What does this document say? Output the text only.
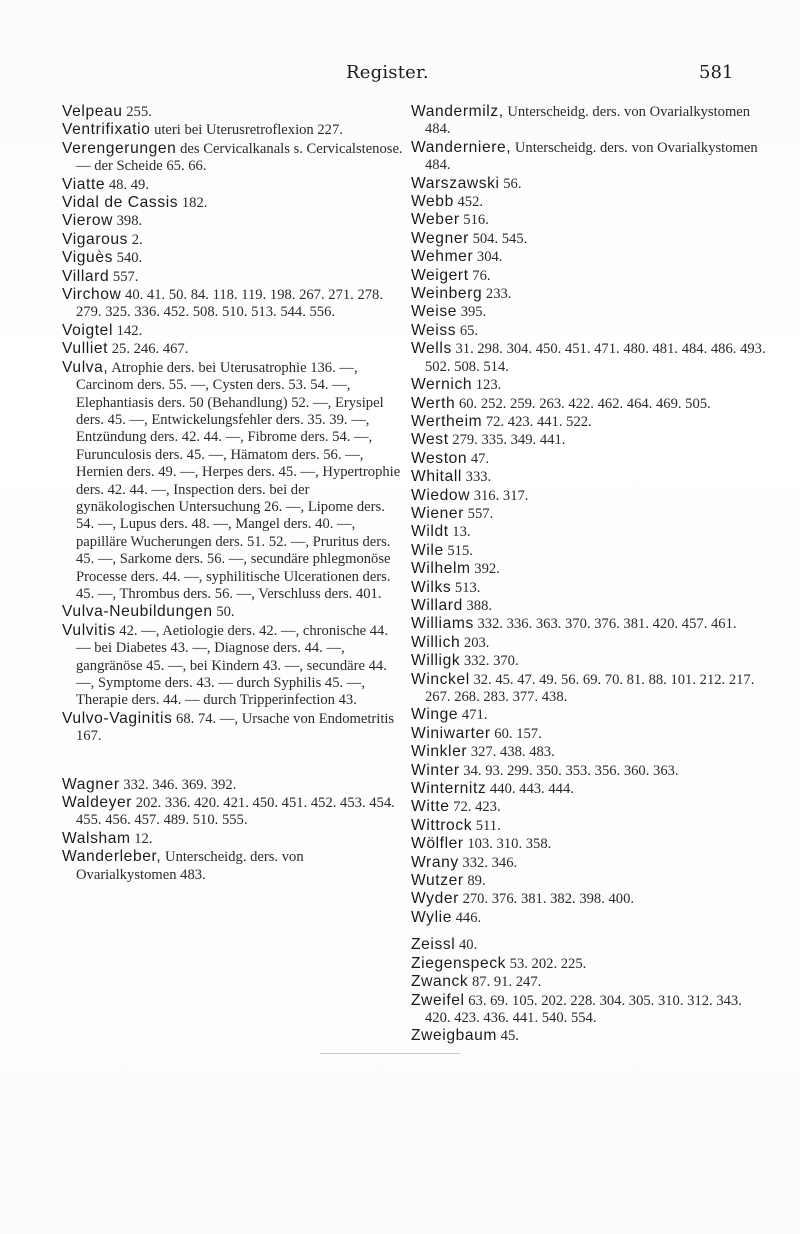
Register.	581

Velpeau 255.

Ventrifixatio uteri bei Uterusretroflexion 227.

Verengerungen des Cervicalkanals s. Cervicalstenose. — der Scheide 65. 66.

Viatte 48. 49.

Vidal de Cassis 182.

Vierow 398.

Vigarous 2.

Viguès 540.

Villard 557.

Virchow 40. 41. 50. 84. 118. 119. 198. 267. 271. 278. 279. 325. 336. 452. 508. 510. 513. 544. 556.

Voigtel 142.

Vulliet 25. 246. 467.

Vulva, Atrophie ders. bei Uterusatrophie 136. —, Carcinom ders. 55. —, Cysten ders. 53. 54. —, Elephantiasis ders. 50 (Behandlung) 52. —, Erysipel ders. 45. —, Entwickelungsfehler ders. 35. 39. —, Entzündung ders. 42. 44. —, Fibrome ders. 54. —, Furunculosis ders. 45. —, Hämatom ders. 56. —, Hernien ders. 49. —, Herpes ders. 45. —, Hypertrophie ders. 42. 44. —, Inspection ders. bei der gynäkologischen Untersuchung 26. —, Lipome ders. 54. —, Lupus ders. 48. —, Mangel ders. 40. —, papilläre Wucherungen ders. 51. 52. —, Pruritus ders. 45. —, Sarkome ders. 56. —, secundäre phlegmonöse Processe ders. 44. —, syphilitische Ulcerationen ders. 45. —, Thrombus ders. 56. —, Verschluss ders. 401.

Vulva-Neubildungen 50.

Vulvitis 42. —, Aetiologie ders. 42. —, chronische 44. — bei Diabetes 43. —, Diagnose ders. 44. —, gangränöse 45. —, bei Kindern 43. —, secundäre 44. —, Symptome ders. 43. — durch Syphilis 45. —, Therapie ders. 44. — durch Tripperinfection 43.

Vulvo-Vaginitis 68. 74. —, Ursache von Endometritis 167.

Wagner 332. 346. 369. 392.

Waldeyer 202. 336. 420. 421. 450. 451. 452. 453. 454. 455. 456. 457. 489. 510. 555.

Walsham 12.

Wanderleber, Unterscheidg. ders. von Ovarialkystomen 483.

Wandermilz, Unterscheidg. ders. von Ovarialkystomen 484.

Wanderniere, Unterscheidg. ders. von Ovarialkystomen 484.

Warszawski 56.

Webb 452.

Weber 516.

Wegner 504. 545.

Wehmer 304.

Weigert 76.

Weinberg 233.

Weise 395.

Weiss 65.

Wells 31. 298. 304. 450. 451. 471. 480. 481. 484. 486. 493. 502. 508. 514.

Wernich 123.

Werth 60. 252. 259. 263. 422. 462. 464. 469. 505.

Wertheim 72. 423. 441. 522.

West 279. 335. 349. 441.

Weston 47.

Whitall 333.

Wiedow 316. 317.

Wiener 557.

Wildt 13.

Wile 515.

Wilhelm 392.

Wilks 513.

Willard 388.

Williams 332. 336. 363. 370. 376. 381. 420. 457. 461.

Willich 203.

Willigk 332. 370.

Winckel 32. 45. 47. 49. 56. 69. 70. 81. 88. 101. 212. 217. 267. 268. 283. 377. 438.

Winge 471.

Winiwarter 60. 157.

Winkler 327. 438. 483.

Winter 34. 93. 299. 350. 353. 356. 360. 363.

Winternitz 440. 443. 444.

Witte 72. 423.

Wittrock 511.

Wölfler 103. 310. 358.

Wrany 332. 346.

Wutzer 89.

Wyder 270. 376. 381. 382. 398. 400.

Wylie 446.

Zeissl 40.

Ziegenspeck 53. 202. 225.

Zwanck 87. 91. 247.

Zweifel 63. 69. 105. 202. 228. 304. 305. 310. 312. 343. 420. 423. 436. 441. 540. 554.

Zweigbaum 45.
